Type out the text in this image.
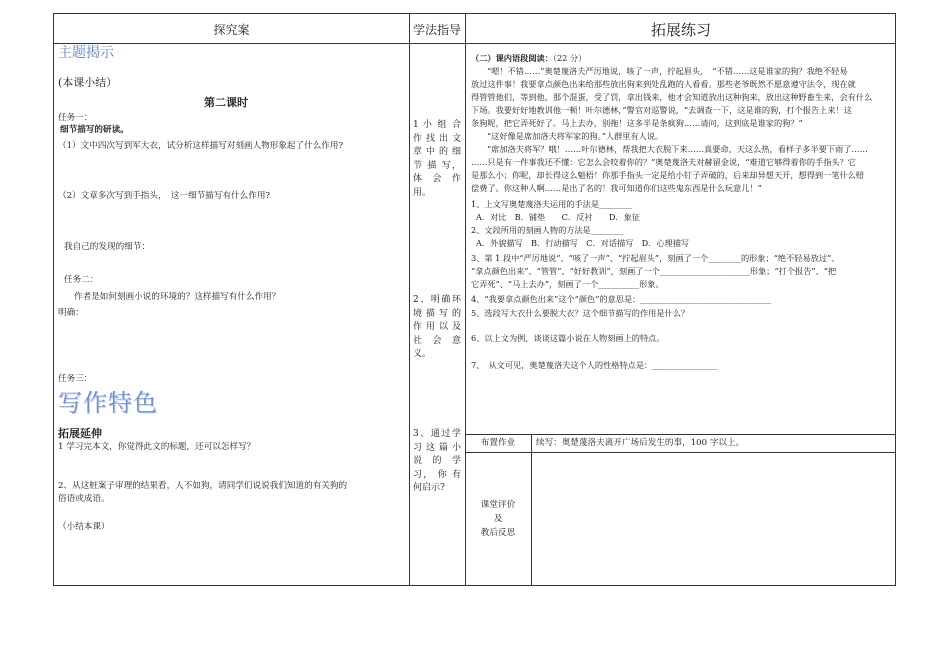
探究案	学法指导	拓展练习
主题揭示
(本课小结）
第二课时
任务一：
细节描写的研读。
（1）文中四次写到军大衣，试分析这样描写对刻画人物形象起了什么作用?
（2）文章多次写到手指头，　这一细节描写有什么作用?
我自己的发现的细节：
任务二：
作者是如何刻画小说的环境的？这样描写有什么作用？
明确：
任务三：
写作特色
拓展延伸
1 学习完本文，你觉得此文的标题，还可以怎样写？
2、从这桩案子审理的结果看，人不如狗，请同学们说说我们知道的有关狗的
俗语或成语。
（小结本课）
1 小 组 合 作 找 出 文 章 中 的 细 节 描 写， 体 会 作 用。
2、明确环 境 描 写 的 作 用 以 及 社 会 意 义。
3、通过学 习 这 篇 小 说 的 学 习， 你 有 何启示?
（二）课内语段阅读：（22 分）
“嗯！不错……”奥楚蔑洛夫严厉地说，咳了一声，拧起眉头，　“不错……这是谁家的狗？我绝不轻易
放过这件事！我要拿点颜色出来给那些放出狗来到处乱跑的人看看。那些老爷既然不愿意遵守法令，现在就
得管管他们，等到他，那个混蛋，受了罚，拿出钱来，他才会知道放出这种狗来，放出这种野畜生来，会有什么
下场。我要好好地教训他一顿！叶尔德林，”警官对巡警说，“去调查一下，这是谁的狗，打个报告上来！这
条狗呢，把它弄死好了。马上去办，别拖！这多半是条疯狗……请问，这到底是谁家的狗？”
“这好像是席加洛夫将军家的狗。”人群里有人说。
“席加洛夫将军？哦！……叶尔德林，帮我把大衣脱下来……真要命，天这么热，看样子多半要下雨了……
……只是有一件事我还不懂：它怎么会咬着你的？”奥楚蔑洛夫对赫留金说，“难道它够得着你的手指头？它
是那么小；你呢，却长得这么魁梧！你那手指头一定是给小钉子弄破的，后来却异想天开，想得到一笔什么赔
偿费了。你这种人啊……是出了名的！我可知道你们这些鬼东西是什么玩意儿！”
1、上文写奥楚蔑洛夫运用的手法是________
A．对比　B．铺垫　　C．反衬　　D．象征
2、文段所用的刻画人物的方法是________
A．外貌描写　B．行动描写　C．对话描写　D．心理描写
3、第 1 段中“严厉地说”、“咳了一声”、“拧起眉头”，刻画了一个________的形象；“绝不轻易放过”、
“拿点颜色出来”、“管管”、“好好教训”，刻画了一个______________________形象；“打个报告”、“把
它弄死”、“马上去办”，刻画了一个__________形象。
4、“我要拿点颜色出来”这个“颜色”的意思是：________________________________
5、选段写大衣什么要脱大衣？这个细节描写的作用是什么？
6、以上文为例，谈谈这篇小说在人物刻画上的特点。
7、　从文可见，奥楚蔑洛夫这个人的性格特点是：________________
布置作业	续写：奥楚蔑洛夫离开广场后发生的事，100 字以上。
课堂评价
及
教后反思
